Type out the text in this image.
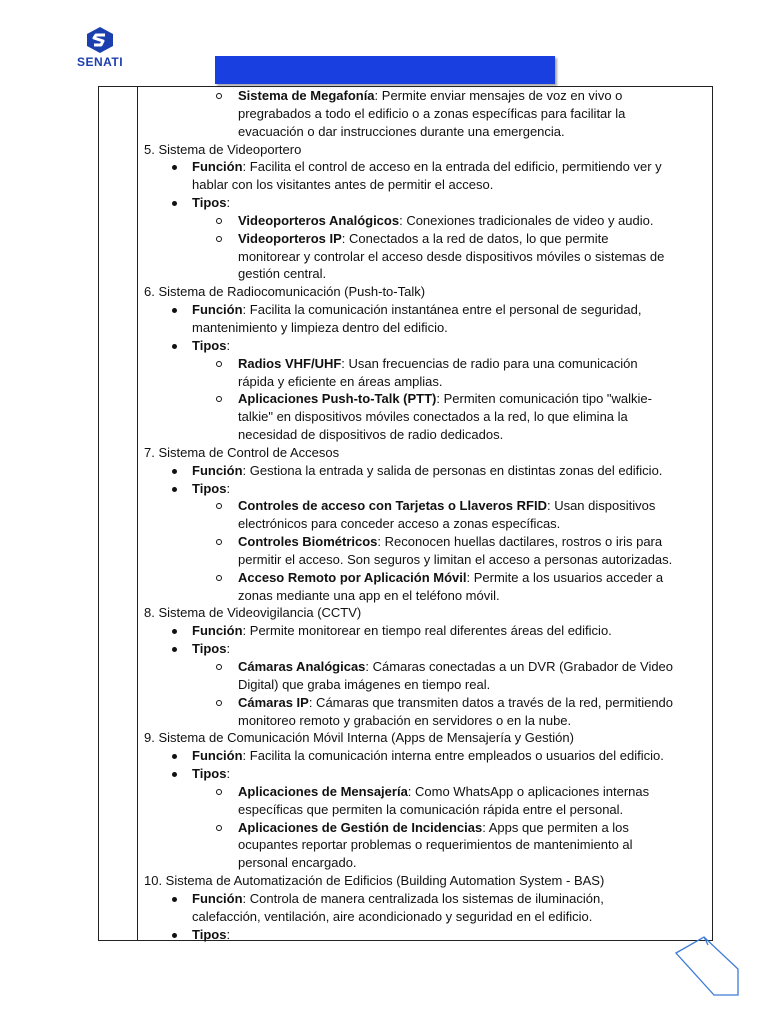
SENATI
Sistema de Megafonía: Permite enviar mensajes de voz en vivo o
pregrabados a todo el edificio o a zonas específicas para facilitar la
evacuación o dar instrucciones durante una emergencia.
5. Sistema de Videoportero
Función: Facilita el control de acceso en la entrada del edificio, permitiendo ver y
hablar con los visitantes antes de permitir el acceso.
Tipos:
Videoporteros Analógicos: Conexiones tradicionales de video y audio.
Videoporteros IP: Conectados a la red de datos, lo que permite
monitorear y controlar el acceso desde dispositivos móviles o sistemas de
gestión central.
6. Sistema de Radiocomunicación (Push-to-Talk)
Función: Facilita la comunicación instantánea entre el personal de seguridad,
mantenimiento y limpieza dentro del edificio.
Tipos:
Radios VHF/UHF: Usan frecuencias de radio para una comunicación
rápida y eficiente en áreas amplias.
Aplicaciones Push-to-Talk (PTT): Permiten comunicación tipo "walkie-
talkie" en dispositivos móviles conectados a la red, lo que elimina la
necesidad de dispositivos de radio dedicados.
7. Sistema de Control de Accesos
Función: Gestiona la entrada y salida de personas en distintas zonas del edificio.
Tipos:
Controles de acceso con Tarjetas o Llaveros RFID: Usan dispositivos
electrónicos para conceder acceso a zonas específicas.
Controles Biométricos: Reconocen huellas dactilares, rostros o iris para
permitir el acceso. Son seguros y limitan el acceso a personas autorizadas.
Acceso Remoto por Aplicación Móvil: Permite a los usuarios acceder a
zonas mediante una app en el teléfono móvil.
8. Sistema de Videovigilancia (CCTV)
Función: Permite monitorear en tiempo real diferentes áreas del edificio.
Tipos:
Cámaras Analógicas: Cámaras conectadas a un DVR (Grabador de Video
Digital) que graba imágenes en tiempo real.
Cámaras IP: Cámaras que transmiten datos a través de la red, permitiendo
monitoreo remoto y grabación en servidores o en la nube.
9. Sistema de Comunicación Móvil Interna (Apps de Mensajería y Gestión)
Función: Facilita la comunicación interna entre empleados o usuarios del edificio.
Tipos:
Aplicaciones de Mensajería: Como WhatsApp o aplicaciones internas
específicas que permiten la comunicación rápida entre el personal.
Aplicaciones de Gestión de Incidencias: Apps que permiten a los
ocupantes reportar problemas o requerimientos de mantenimiento al
personal encargado.
10. Sistema de Automatización de Edificios (Building Automation System - BAS)
Función: Controla de manera centralizada los sistemas de iluminación,
calefacción, ventilación, aire acondicionado y seguridad en el edificio.
Tipos:
